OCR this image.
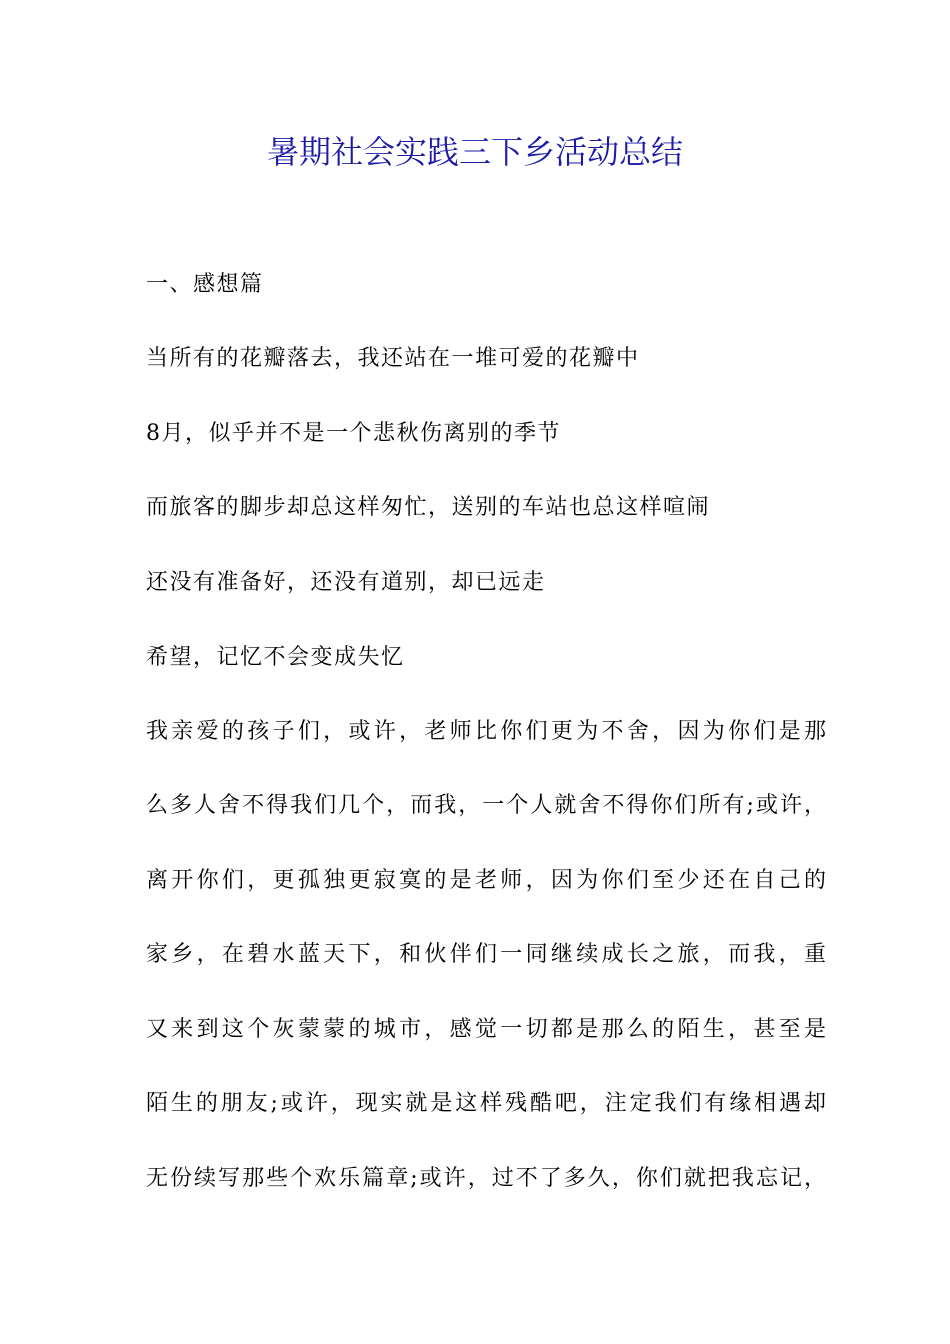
暑期社会实践三下乡活动总结
一、感想篇
当所有的花瓣落去，我还站在一堆可爱的花瓣中
8月，似乎并不是一个悲秋伤离别的季节
而旅客的脚步却总这样匆忙，送别的车站也总这样喧闹
还没有准备好，还没有道别，却已远走
希望，记忆不会变成失忆
我亲爱的孩子们，或许，老师比你们更为不舍，因为你们是那
么多人舍不得我们几个，而我，一个人就舍不得你们所有;或许，
离开你们，更孤独更寂寞的是老师，因为你们至少还在自己的
家乡，在碧水蓝天下，和伙伴们一同继续成长之旅，而我，重
又来到这个灰蒙蒙的城市，感觉一切都是那么的陌生，甚至是
陌生的朋友;或许，现实就是这样残酷吧，注定我们有缘相遇却
无份续写那些个欢乐篇章;或许，过不了多久，你们就把我忘记，
